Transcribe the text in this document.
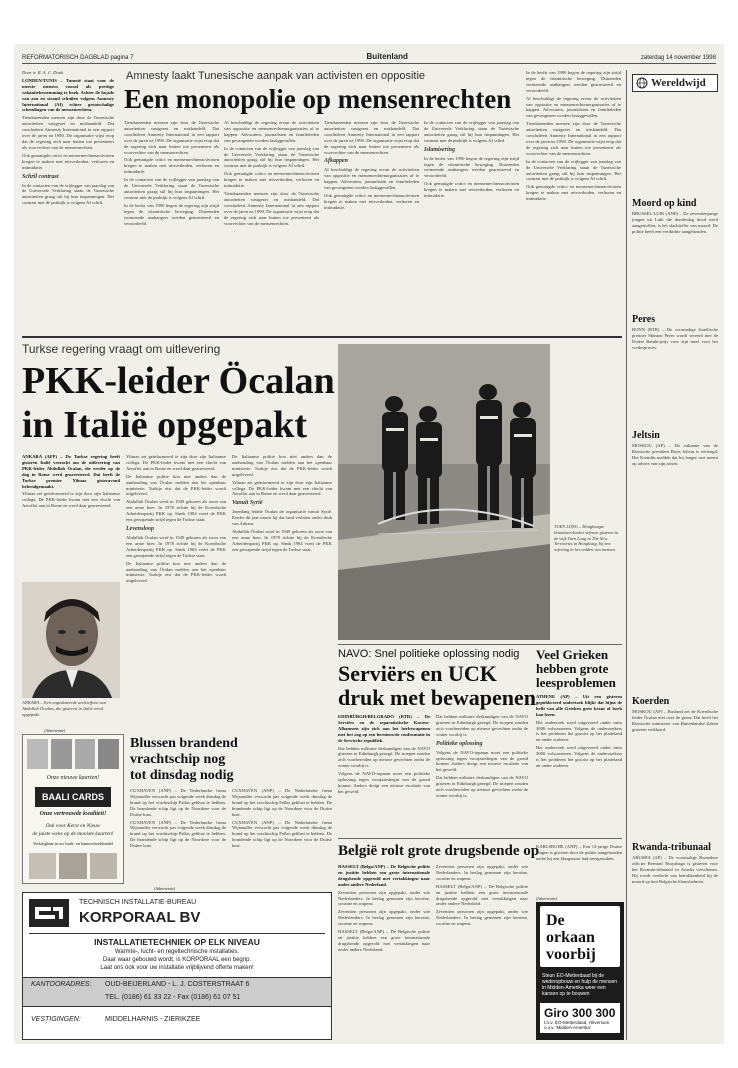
REFORMATORISCH DAGBLAD pagina 7	Buitenland	zaterdag 14 november 1998

Door ir. R. A. C. Donk

LONDEN/TUNIS – Tunesië staat voor de meeste mensen vooral als prettige vakantiebestemming te boek. Achter de façade van zon en strand schuilen volgens Amnesty International (AI) echter grootschalige schendingen van de mensenrechten.

Tienduizenden mensen zijn door de Tunesische autoriteiten vastgezet en mishandeld. Dat concludeert Amnesty International in een rapport over de jaren na 1990. De organisatie wijst erop dat de regering zich naar buiten toe presenteert als voorvechter van de mensenrechten.

Ook gematigde critici en mensenrechtenactivisten kregen te maken met reisverboden, verhoren en intimidatie.

Schril contrast

In de contacten van de vrijlegger van jaarslag van de Universele Verklaring staan de Tunesische autoriteiten graag stil bij hun inspanningen. Het contrast met de praktijk is volgens AI schril.

Amnesty laakt Tunesische aanpak van activisten en oppositie
Een monopolie op mensenrechten

Tienduizenden mensen zijn door de Tunesische autoriteiten vastgezet en mishandeld. Dat concludeert Amnesty International in een rapport over de jaren na 1990. De organisatie wijst erop dat de regering zich naar buiten toe presenteert als voorvechter van de mensenrechten.

Ook gematigde critici en mensenrechtenactivisten kregen te maken met reisverboden, verhoren en intimidatie.

In de contacten van de vrijlegger van jaarslag van de Universele Verklaring staan de Tunesische autoriteiten graag stil bij hun inspanningen. Het contrast met de praktijk is volgens AI schril.

In de herfst van 1990 begon de regering zijn strijd tegen de islamitische beweging. Duizenden vermeende aanhangers werden gearresteerd en veroordeeld.

Al beschuldigt de regering ervan de activiteiten van oppositie en mensenrechtenorganisaties af te kappen. Advocaten, journalisten en familieleden van gevangenen worden lastiggevallen.

In de contacten van de vrijlegger van jaarslag van de Universele Verklaring staan de Tunesische autoriteiten graag stil bij hun inspanningen. Het contrast met de praktijk is volgens AI schril.

Ook gematigde critici en mensenrechtenactivisten kregen te maken met reisverboden, verhoren en intimidatie.

Tienduizenden mensen zijn door de Tunesische autoriteiten vastgezet en mishandeld. Dat concludeert Amnesty International in een rapport over de jaren na 1990. De organisatie wijst erop dat de regering zich naar buiten toe presenteert als voorvechter van de mensenrechten.

Tienduizenden mensen zijn door de Tunesische autoriteiten vastgezet en mishandeld. Dat concludeert Amnesty International in een rapport over de jaren na 1990. De organisatie wijst erop dat de regering zich naar buiten toe presenteert als voorvechter van de mensenrechten.

Afkappen

Al beschuldigt de regering ervan de activiteiten van oppositie en mensenrechtenorganisaties af te kappen. Advocaten, journalisten en familieleden van gevangenen worden lastiggevallen.

Ook gematigde critici en mensenrechtenactivisten kregen te maken met reisverboden, verhoren en intimidatie.

In de contacten van de vrijlegger van jaarslag van de Universele Verklaring staan de Tunesische autoriteiten graag stil bij hun inspanningen. Het contrast met de praktijk is volgens AI schril.

Islamisering

In de herfst van 1990 begon de regering zijn strijd tegen de islamitische beweging. Duizenden vermeende aanhangers werden gearresteerd en veroordeeld.

Ook gematigde critici en mensenrechtenactivisten kregen te maken met reisverboden, verhoren en intimidatie.

In de herfst van 1990 begon de regering zijn strijd tegen de islamitische beweging. Duizenden vermeende aanhangers werden gearresteerd en veroordeeld.

Al beschuldigt de regering ervan de activiteiten van oppositie en mensenrechtenorganisaties af te kappen. Advocaten, journalisten en familieleden van gevangenen worden lastiggevallen.

Tienduizenden mensen zijn door de Tunesische autoriteiten vastgezet en mishandeld. Dat concludeert Amnesty International in een rapport over de jaren na 1990. De organisatie wijst erop dat de regering zich naar buiten toe presenteert als voorvechter van de mensenrechten.

In de contacten van de vrijlegger van jaarslag van de Universele Verklaring staan de Tunesische autoriteiten graag stil bij hun inspanningen. Het contrast met de praktijk is volgens AI schril.

Ook gematigde critici en mensenrechtenactivisten kregen te maken met reisverboden, verhoren en intimidatie.

Turkse regering vraagt om uitlevering
PKK-leider Öcalan
in Italië opgepakt

ANKARA (AFP) – De Turkse regering heeft gisteren Italië verzocht om de uitlevering van PKK-leider Abdullah Öcalan, die eerder op de dag in Rome werd gearresteerd. Dat heeft de Turkse premier Yilmaz gisteravond bekendgemaakt.

Yilmaz zei geïnformeerd te zijn door zijn Italiaanse collega. De PKK-leider kwam met een vlucht van Aeroflot aan in Rome en werd daar gearresteerd.

ANKARA – Een ongedateerde archieffoto van Abdullah Öcalan, die gisteren in Italië werd opgepakt.

Yilmaz zei geïnformeerd te zijn door zijn Italiaanse collega. De PKK-leider kwam met een vlucht van Aeroflot aan in Rome en werd daar gearresteerd.

De Italiaanse politie kon niet anders dan de aanhouding van Öcalan melden aan het openbaar ministerie. Turkije eist dat de PKK-leider wordt uitgeleverd.

Abdullah Öcalan werd in 1949 geboren als zoon van een arme boer. In 1978 richtte hij de Koerdische Arbeiderspartij PKK op. Sinds 1984 voert de PKK een gewapende strijd tegen de Turkse staat.

Levensloop

Abdullah Öcalan werd in 1949 geboren als zoon van een arme boer. In 1978 richtte hij de Koerdische Arbeiderspartij PKK op. Sinds 1984 voert de PKK een gewapende strijd tegen de Turkse staat.

De Italiaanse politie kon niet anders dan de aanhouding van Öcalan melden aan het openbaar ministerie. Turkije eist dat de PKK-leider wordt uitgeleverd.

De Italiaanse politie kon niet anders dan de aanhouding van Öcalan melden aan het openbaar ministerie. Turkije eist dat de PKK-leider wordt uitgeleverd.

Yilmaz zei geïnformeerd te zijn door zijn Italiaanse collega. De PKK-leider kwam met een vlucht van Aeroflot aan in Rome en werd daar gearresteerd.

Vanuit Syrië

Jarenlang leidde Öcalan de organisatie vanuit Syrië. Eerder dit jaar moest hij dat land verlaten onder druk van Ankara.

Abdullah Öcalan werd in 1949 geboren als zoon van een arme boer. In 1978 richtte hij de Koerdische Arbeiderspartij PKK op. Sinds 1984 voert de PKK een gewapende strijd tegen de Turkse staat.

TUEN LONG – Hongkongse brandweerlieden oefenen gisteren in de wijk Tuen Long in The New Territories in Hongkong, bij een oefening in het redden van mensen.
NAVO: Snel politieke oplossing nodig
Serviërs en UCK
druk met bewapenen

EDINBURGH/BELGRADO (RTR) – De Serviërs en de separatistische Kosovo-Albanezen zijn zich aan het herbewapenen met het oog op een hernieuwde confrontatie in de Servische republiek.

Dat hebben militaire deskundigen van de NAVO gisteren in Edinburgh gezegd. De troepen zouden zich voorbereiden op nieuwe gevechten zodra de winter voorbij is.

Volgens de NAVO-topman moet een politieke oplossing tegen voorjaarsbegin van de grond komen. Anders dreigt een nieuwe escalatie van het geweld.

Dat hebben militaire deskundigen van de NAVO gisteren in Edinburgh gezegd. De troepen zouden zich voorbereiden op nieuwe gevechten zodra de winter voorbij is.

Politieke oplossing

Volgens de NAVO-topman moet een politieke oplossing tegen voorjaarsbegin van de grond komen. Anders dreigt een nieuwe escalatie van het geweld.

Dat hebben militaire deskundigen van de NAVO gisteren in Edinburgh gezegd. De troepen zouden zich voorbereiden op nieuwe gevechten zodra de winter voorbij is.

Veel Grieken hebben grote leesproblemen

ATHENE (AP) – Uit een gisteren gepubliceerd onderzoek blijkt dat bijna de helft van alle Grieken geen krant of boek kan lezen.

Het onderzoek werd uitgevoerd onder ruim 3000 volwassenen. Volgens de onderzoekers is het probleem het grootst op het platteland en onder ouderen.

Het onderzoek werd uitgevoerd onder ruim 3000 volwassenen. Volgens de onderzoekers is het probleem het grootst op het platteland en onder ouderen.

België rolt grote drugsbende op

HASSELT (Belga/ANP) – De Belgische politie en justitie hebben een grote internationale drugsbende opgerold met vertakkingen naar onder andere Nederland.

Zeventien personen zijn opgepakt, onder wie Nederlanders. In beslag genomen zijn heroïne, cocaïne en wapens.

Zeventien personen zijn opgepakt, onder wie Nederlanders. In beslag genomen zijn heroïne, cocaïne en wapens.

HASSELT (Belga/ANP) – De Belgische politie en justitie hebben een grote internationale drugsbende opgerold met vertakkingen naar onder andere Nederland.

Zeventien personen zijn opgepakt, onder wie Nederlanders. In beslag genomen zijn heroïne, cocaïne en wapens.

HASSELT (Belga/ANP) – De Belgische politie en justitie hebben een grote internationale drugsbende opgerold met vertakkingen naar onder andere Nederland.

Zeventien personen zijn opgepakt, onder wie Nederlanders. In beslag genomen zijn heroïne, cocaïne en wapens.

KARLSRUHE (ANP) – Een 14-jarige Duitse jongen is gisteren door de politie aangehouden nadat hij een klasgenoot had neergestoken.

(Advertentie)
De orkaan
voorbij
Steun EO-Metterdaad bij de wederopbouw en hulp de mensen in Midden-Amerika weer een kansen op te bouwen
Giro 300 300
t.n.v. EO-Metterdaad, Hilversum
o.v.v. 'Midden-Amerika'
(Advertentie)
Onze nieuwe kaarten!
BAALI CARDS
Onze vertrouwde kwaliteit!
Ook voor Kerst en Nieuw
de juiste wens op de mooiste kaarten!
Verkrijgbaar in uw boek- en kantoorboekhandel
Blussen brandend
vrachtschip nog
tot dinsdag nodig

CUXHAVEN (ANP) – De Nederlandse firma Wijsmuller verwacht pas volgende week dinsdag de brand op het vrachtschip Pallas geblust te hebben. De brandende schip ligt op de Noordzee voor de Duitse kust.

CUXHAVEN (ANP) – De Nederlandse firma Wijsmuller verwacht pas volgende week dinsdag de brand op het vrachtschip Pallas geblust te hebben. De brandende schip ligt op de Noordzee voor de Duitse kust.

CUXHAVEN (ANP) – De Nederlandse firma Wijsmuller verwacht pas volgende week dinsdag de brand op het vrachtschip Pallas geblust te hebben. De brandende schip ligt op de Noordzee voor de Duitse kust.

CUXHAVEN (ANP) – De Nederlandse firma Wijsmuller verwacht pas volgende week dinsdag de brand op het vrachtschip Pallas geblust te hebben. De brandende schip ligt op de Noordzee voor de Duitse kust.

(Advertentie)
TECHNISCH INSTALLATIE-BUREAU
KORPORAAL BV
INSTALLATIETECHNIEK OP ELK NIVEAU
Warmte-, lucht- en regeltechnische installaties.
Daar waar gebouwd wordt, is KORPORAAL een begrip.
Laat ons ook voor uw installatie vrijblijvend offerte maken!
KANTOORADRES: OUD-BEIJERLAND - L. J. COSTERSTRAAT 6
TEL. (0186) 61 33 22 - Fax (0186) 61 07 51
VESTIGINGEN:	MIDDELHARNIS - ZIERIKZEE
Wereldwijd
Moord op kind
BRUSSEL/LUIK (ANP) – De zeventienjarige jongen uit Luik die donderdag dood werd aangetroffen, is het slachtoffer van moord. De politie heeft een verdachte aangehouden.
Peres
BONN (RTR) – De voormalige Israëlische premier Shimon Peres wordt vereerd met de Duitse Bambi-prijs voor zijn inzet voor het vredesproces.
Jeltsin
MOSKOU (AP) – De vakantie van de Russische president Boris Jeltsin is verlengd. Het Kremlin meldde dat hij langer rust neemt op advies van zijn artsen.
Koerden
MOSKOU (AP) – Rusland zet de Koerdische leider Öcalan niet over de grens. Dat heeft het Russische ministerie van Buitenlandse Zaken gisteren verklaard.
Rwanda-tribunaal
ARUSHA (AP) – De voormalige Rwandese officier Bernard Ntuyahaga is gisteren voor het Rwanda-tribunaal in Arusha verschenen. Hij wordt verdacht van betrokkenheid bij de moord op tien Belgische blauwhelmen.
